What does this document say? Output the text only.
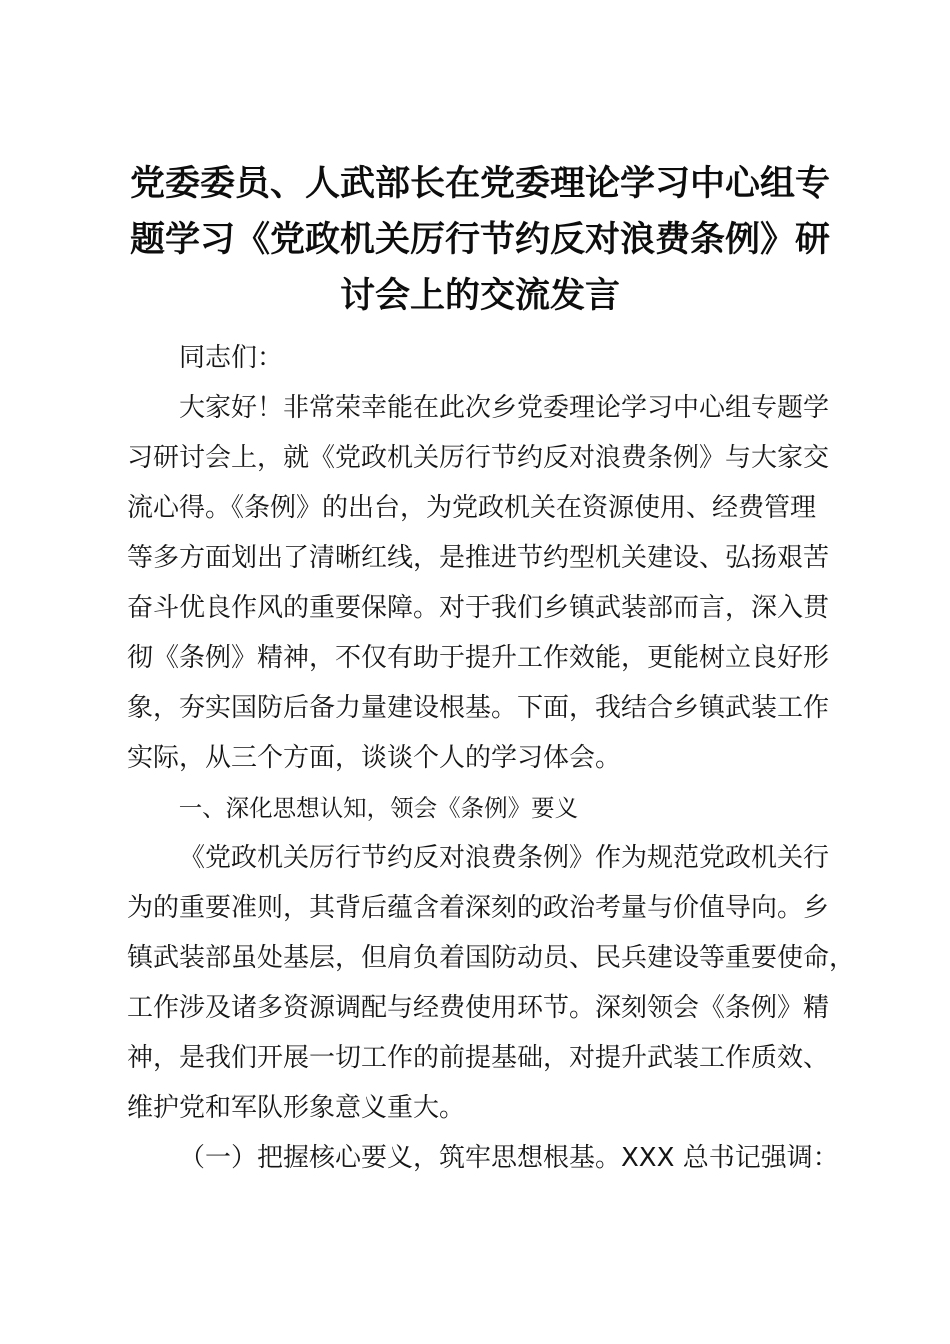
党委委员、人武部长在党委理论学习中心组专
题学习《党政机关厉行节约反对浪费条例》研
讨会上的交流发言

同志们：

大家好！非常荣幸能在此次乡党委理论学习中心组专题学
习研讨会上，就《党政机关厉行节约反对浪费条例》与大家交
流心得。《条例》的出台，为党政机关在资源使用、经费管理
等多方面划出了清晰红线，是推进节约型机关建设、弘扬艰苦
奋斗优良作风的重要保障。对于我们乡镇武装部而言，深入贯
彻《条例》精神，不仅有助于提升工作效能，更能树立良好形
象，夯实国防后备力量建设根基。下面，我结合乡镇武装工作
实际，从三个方面，谈谈个人的学习体会。

一、深化思想认知，领会《条例》要义

《党政机关厉行节约反对浪费条例》作为规范党政机关行
为的重要准则，其背后蕴含着深刻的政治考量与价值导向。乡
镇武装部虽处基层，但肩负着国防动员、民兵建设等重要使命，
工作涉及诸多资源调配与经费使用环节。深刻领会《条例》精
神，是我们开展一切工作的前提基础，对提升武装工作质效、
维护党和军队形象意义重大。

（一）把握核心要义，筑牢思想根基。XXX 总书记强调：
